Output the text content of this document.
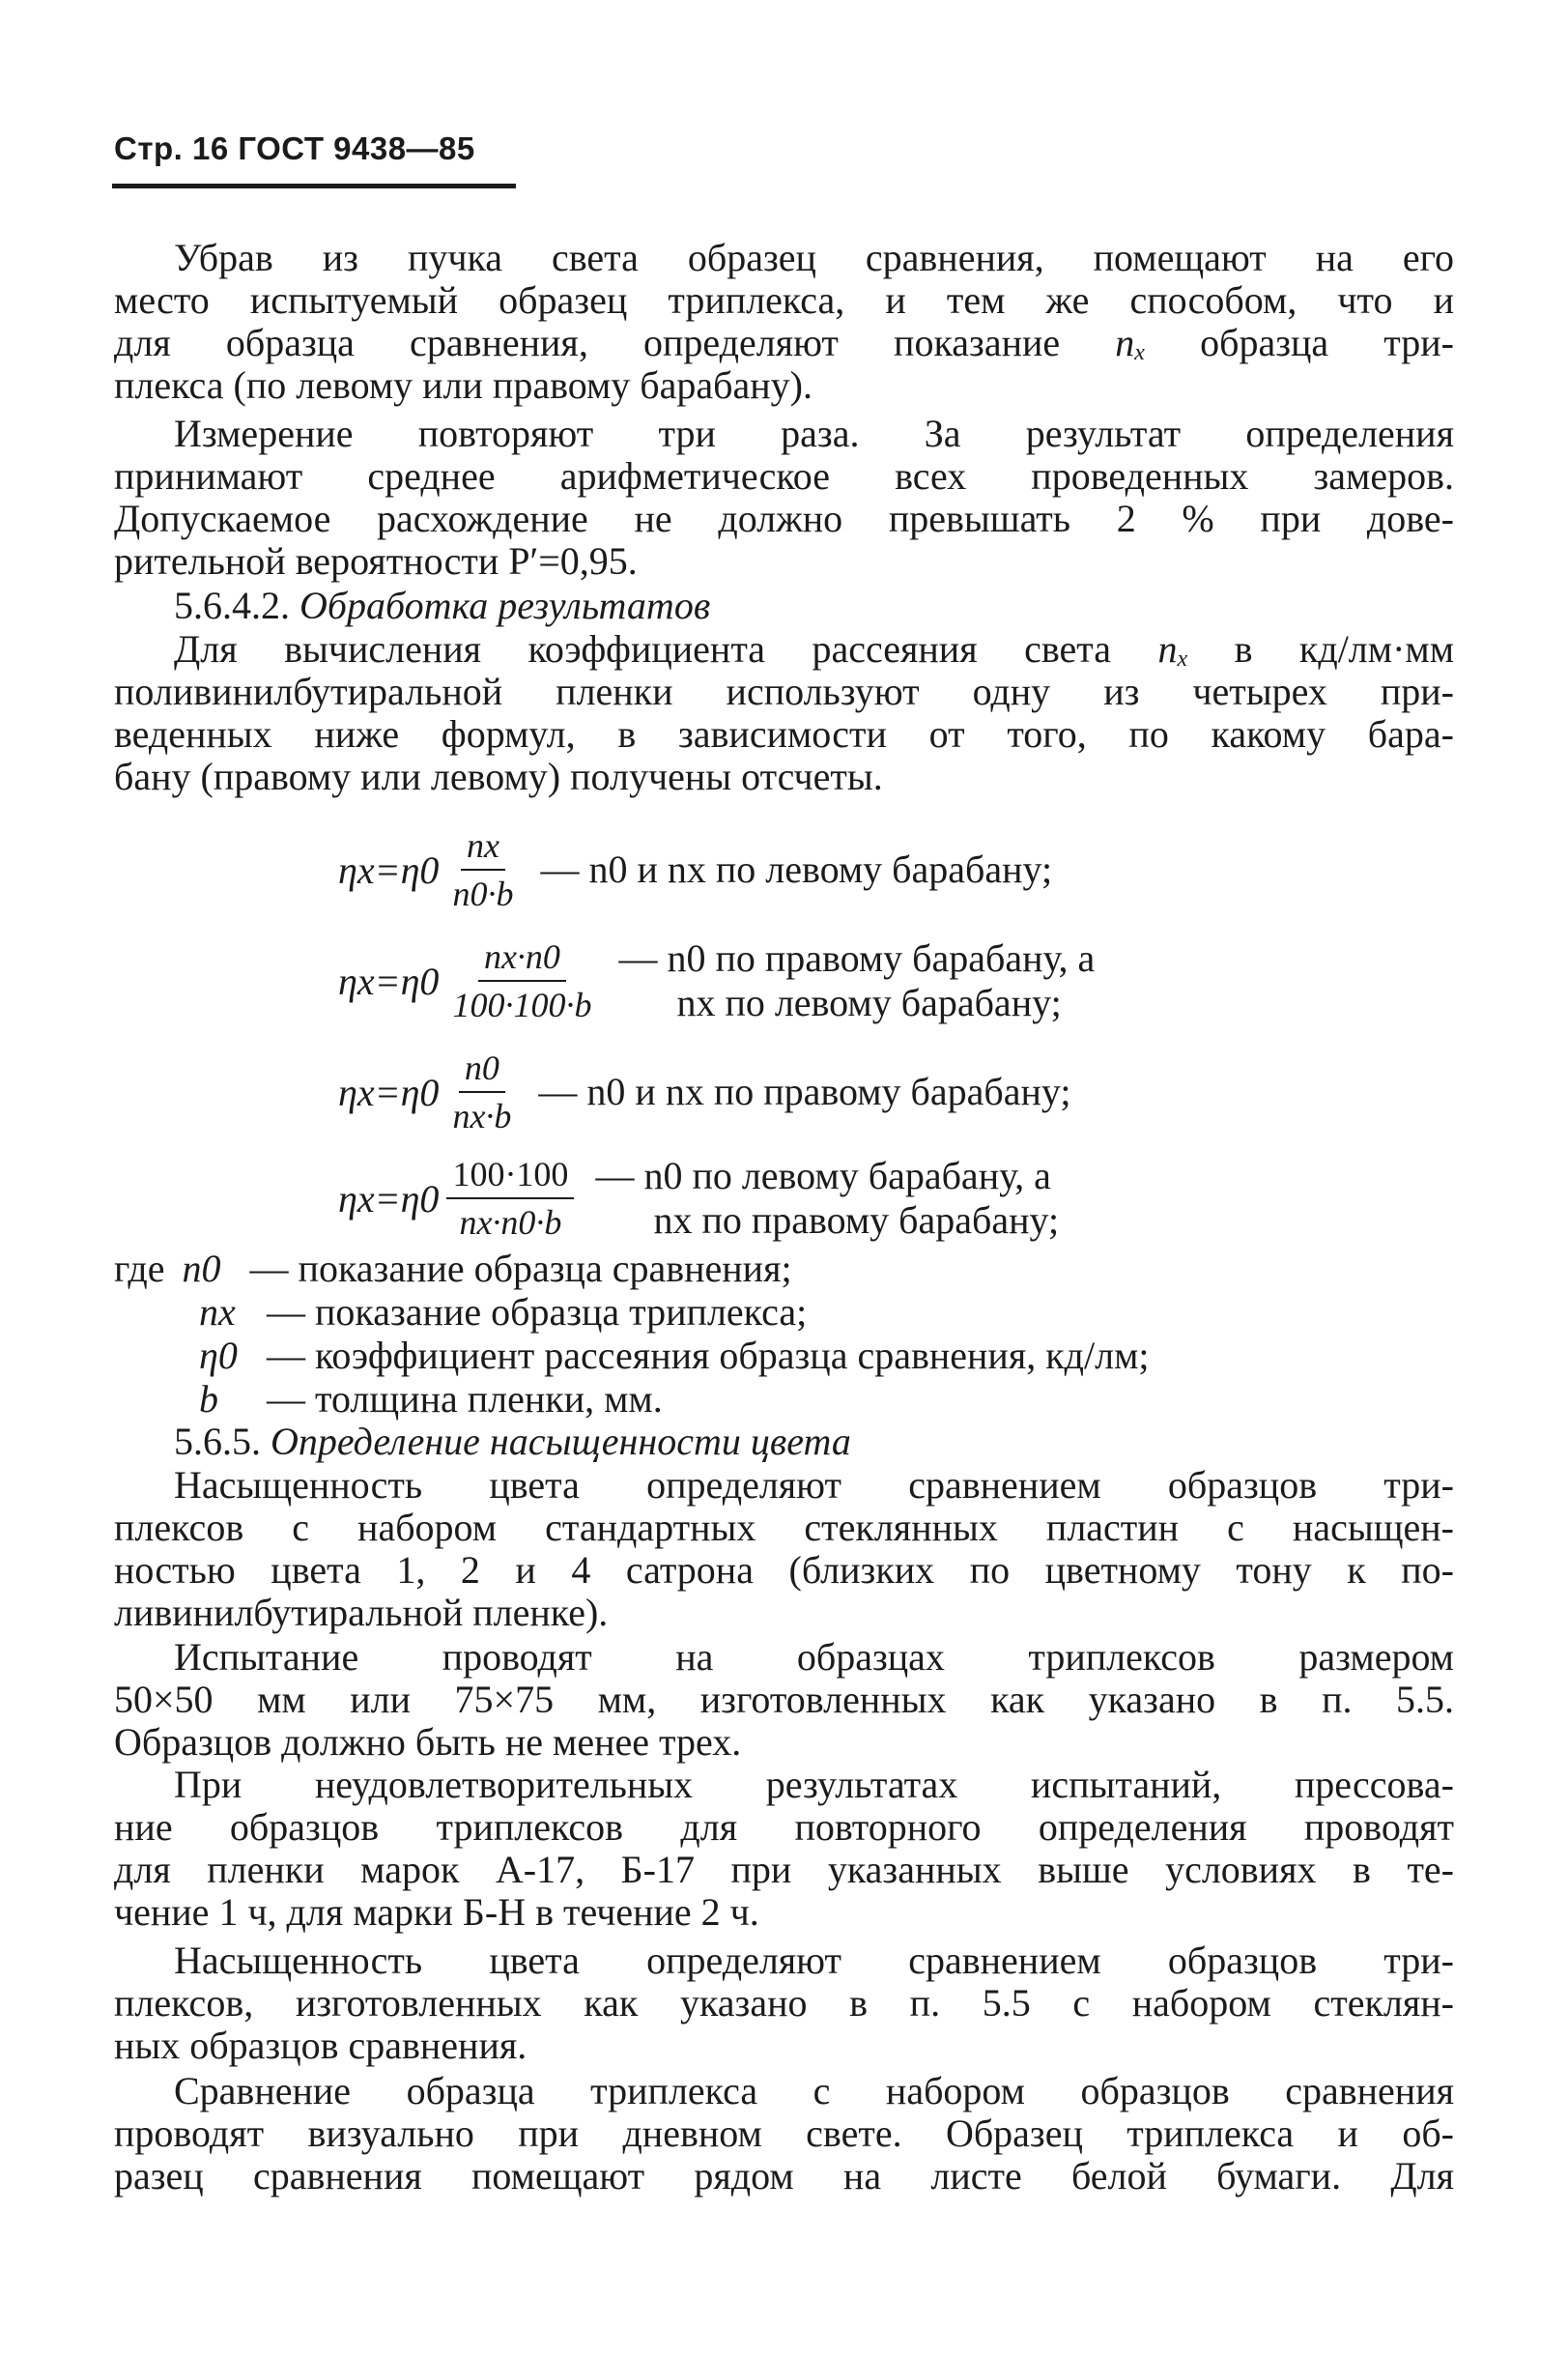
Стр. 16 ГОСТ 9438—85
Убрав из пучка света образец сравнения, помещают на его
место испытуемый образец триплекса, и тем же способом, что и
для образца сравнения, определяют показание $n_x$ образца три-
плекса (по левому или правому барабану).
Измерение повторяют три раза. За результат определения
принимают среднее арифметическое всех проведенных замеров.
Допускаемое расхождение не должно превышать 2 % при дове-
рительной вероятности P′=0,95.
5.6.4.2. Обработка результатов
Для вычисления коэффициента рассеяния света $n_x$ в кд/лм·мм
поливинилбутиральной пленки используют одну из четырех при-
веденных ниже формул, в зависимости от того, по какому бара-
бану (правому или левому) получены отсчеты.
$\eta x=\eta 0 \frac{nx}{n0\cdot b}$ — n0 и nx по левому барабану;
$\eta x=\eta 0 \frac{nx\cdot n0}{100\cdot 100\cdot b}$ — n0 по правому барабану, а
nx по левому барабану;
$\eta x=\eta 0 \frac{n0}{nx\cdot b}$ — n0 и nx по правому барабану;
$\eta x=\eta 0 \frac{100\cdot 100}{nx\cdot n0\cdot b}$ — n0 по левому барабану, а
nx по правому барабану;
где n0 — показание образца сравнения;
nx — показание образца триплекса;
η0 — коэффициент рассеяния образца сравнения, кд/лм;
b — толщина пленки, мм.
5.6.5. Определение насыщенности цвета
Насыщенность цвета определяют сравнением образцов три-
плексов с набором стандартных стеклянных пластин с насыщен-
ностью цвета 1, 2 и 4 сатрона (близких по цветному тону к по-
ливинилбутиральной пленке).
Испытание проводят на образцах триплексов размером
50×50 мм или 75×75 мм, изготовленных как указано в п. 5.5.
Образцов должно быть не менее трех.
При неудовлетворительных результатах испытаний, прессова-
ние образцов триплексов для повторного определения проводят
для пленки марок А-17, Б-17 при указанных выше условиях в те-
чение 1 ч, для марки Б-Н в течение 2 ч.
Насыщенность цвета определяют сравнением образцов три-
плексов, изготовленных как указано в п. 5.5 с набором стеклян-
ных образцов сравнения.
Сравнение образца триплекса с набором образцов сравнения
проводят визуально при дневном свете. Образец триплекса и об-
разец сравнения помещают рядом на листе белой бумаги. Для
